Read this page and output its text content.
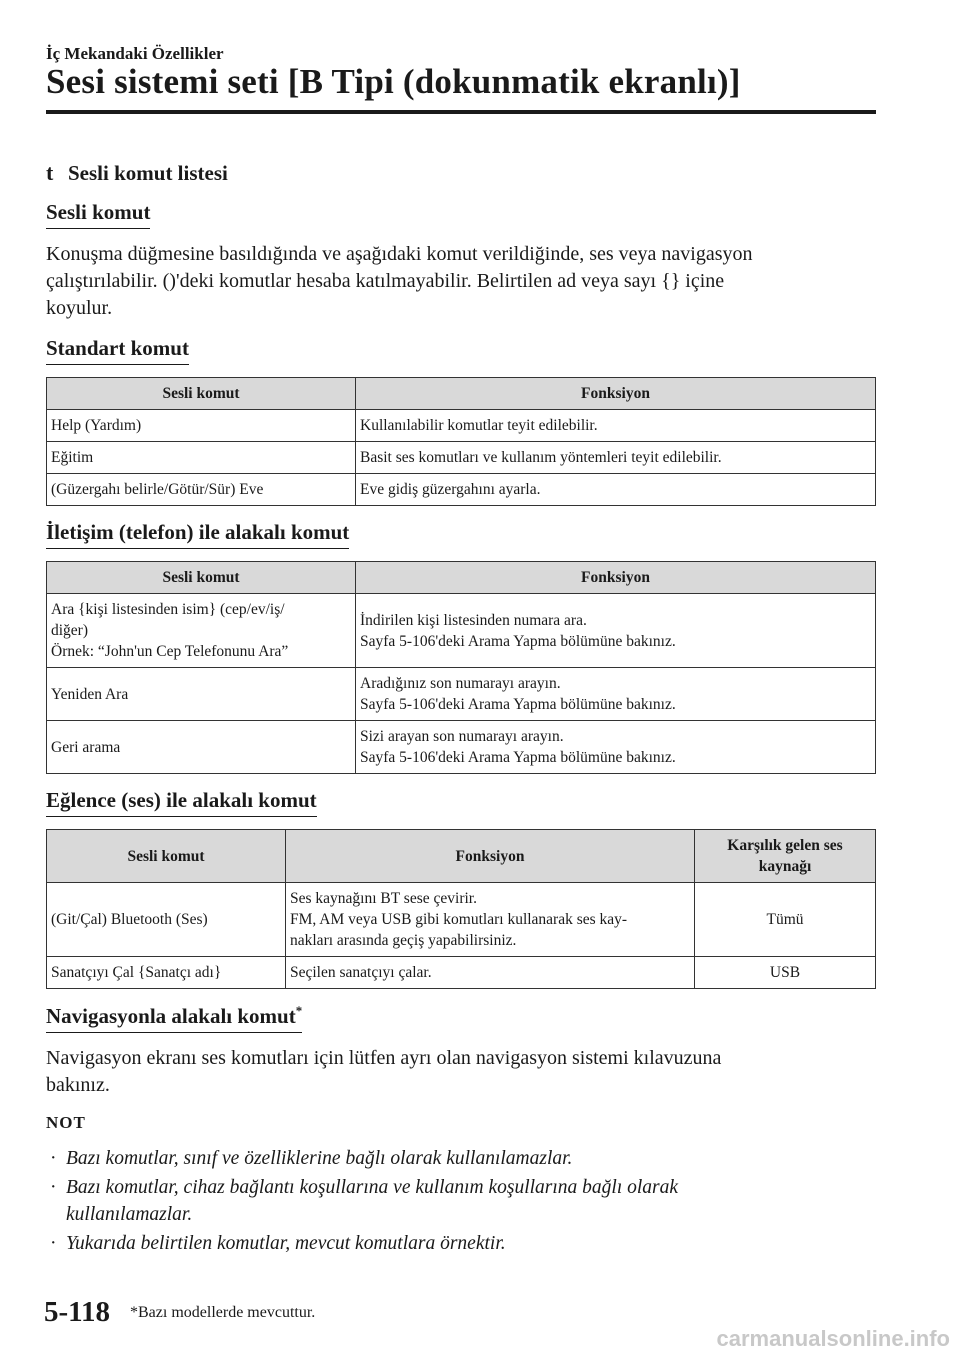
İç Mekandaki Özellikler
Sesi sistemi seti [B Tipi (dokunmatik ekranlı)]
t Sesli komut listesi
Sesli komut

Konuşma düğmesine basıldığında ve aşağıdaki komut verildiğinde, ses veya navigasyon
çalıştırılabilir. ()'deki komutlar hesaba katılmayabilir. Belirtilen ad veya sayı {} içine
koyulur.

Standart komut
Sesli komut	Fonksiyon
Help (Yardım)	Kullanılabilir komutlar teyit edilebilir.
Eğitim	Basit ses komutları ve kullanım yöntemleri teyit edilebilir.
(Güzergahı belirle/Götür/Sür) Eve	Eve gidiş güzergahını ayarla.
İletişim (telefon) ile alakalı komut
Sesli komut	Fonksiyon
Ara {kişi listesinden isim} (cep/ev/iş/
diğer)
Örnek: “John'un Cep Telefonunu Ara”	İndirilen kişi listesinden numara ara.
Sayfa 5-106'deki Arama Yapma bölümüne bakınız.
Yeniden Ara	Aradığınız son numarayı arayın.
Sayfa 5-106'deki Arama Yapma bölümüne bakınız.
Geri arama	Sizi arayan son numarayı arayın.
Sayfa 5-106'deki Arama Yapma bölümüne bakınız.
Eğlence (ses) ile alakalı komut
Sesli komut	Fonksiyon	Karşılık gelen ses
kaynağı
(Git/Çal) Bluetooth (Ses)	Ses kaynağını BT sese çevirir.
FM, AM veya USB gibi komutları kullanarak ses kay-
nakları arasında geçiş yapabilirsiniz.	Tümü
Sanatçıyı Çal {Sanatçı adı}	Seçilen sanatçıyı çalar.	USB
Navigasyonla alakalı komut*

Navigasyon ekranı ses komutları için lütfen ayrı olan navigasyon sistemi kılavuzuna
bakınız.

NOT
· Bazı komutlar, sınıf ve özelliklerine bağlı olarak kullanılamazlar.
· Bazı komutlar, cihaz bağlantı koşullarına ve kullanım koşullarına bağlı olarak
kullanılamazlar.
· Yukarıda belirtilen komutlar, mevcut komutlara örnektir.
5-118 *Bazı modellerde mevcuttur.
carmanualsonline.info
